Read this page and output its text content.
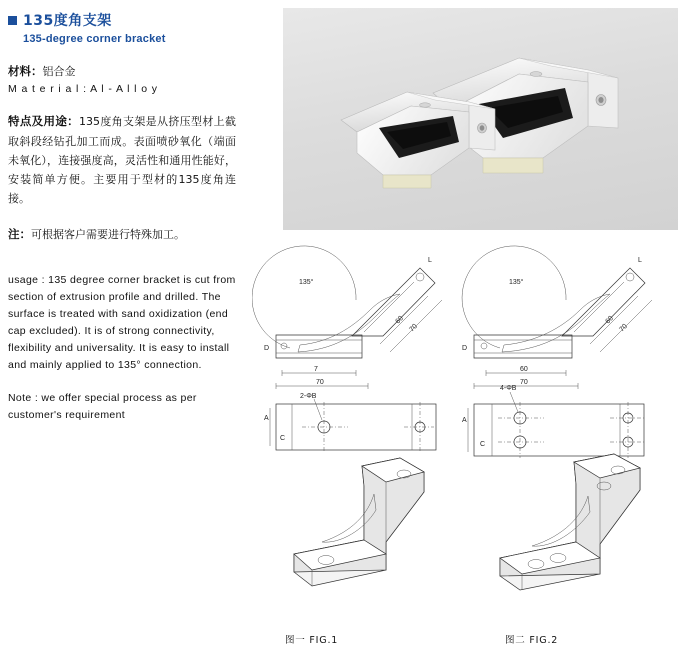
135度角支架
135-degree corner bracket
材料：铝合金
M a t e r i a l : A l - A l l o y
特点及用途：135度角支架是从挤压型材上截取斜段经钻孔加工而成。表面喷砂氧化（端面未氧化），连接强度高，灵活性和通用性能好，安装简单方便。主要用于型材的135度角连接。
注：可根据客户需要进行特殊加工。
usage : 135 degree corner bracket is cut from section of extrusion profile and drilled. The surface is treated with sand oxidization (end cap excluded). It is of strong connectivity, flexibility and universality. It is easy to install and mainly applied to 135° connection.
Note : we offer special process as per customer's requirement
135°
60
70
7
70
D
L
135°
60
70
60
70
D
L
2-ΦB
A
C
4-ΦB
A
C
图一 FIG.1	图二 FIG.2
